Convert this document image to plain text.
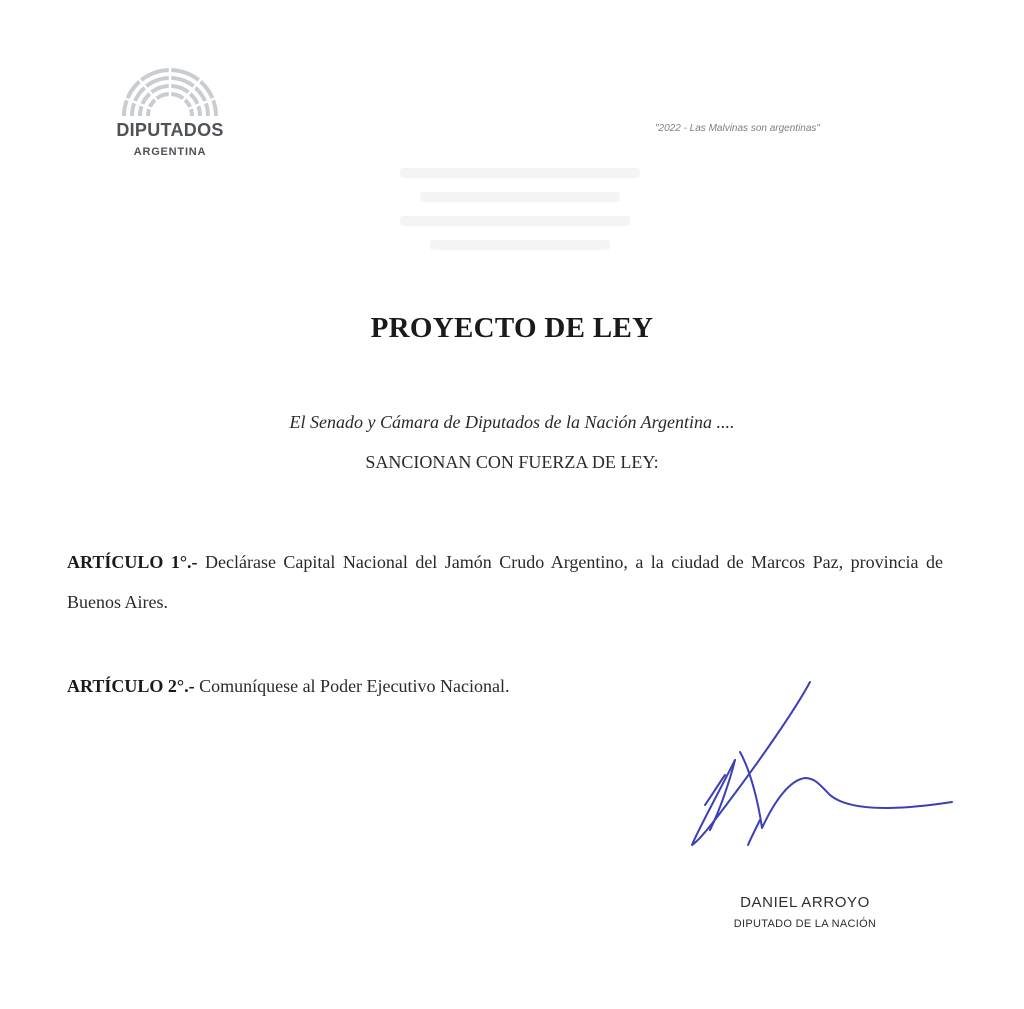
DIPUTADOS
ARGENTINA
"2022 - Las Malvinas son argentinas"
PROYECTO DE LEY
El Senado y Cámara de Diputados de la Nación Argentina ....
SANCIONAN CON FUERZA DE LEY:
ARTÍCULO 1°.- Declárase Capital Nacional del Jamón Crudo Argentino, a la ciudad de Marcos Paz, provincia de Buenos Aires.
ARTÍCULO 2°.- Comuníquese al Poder Ejecutivo Nacional.
DANIEL ARROYO
DIPUTADO DE LA NACIÓN
